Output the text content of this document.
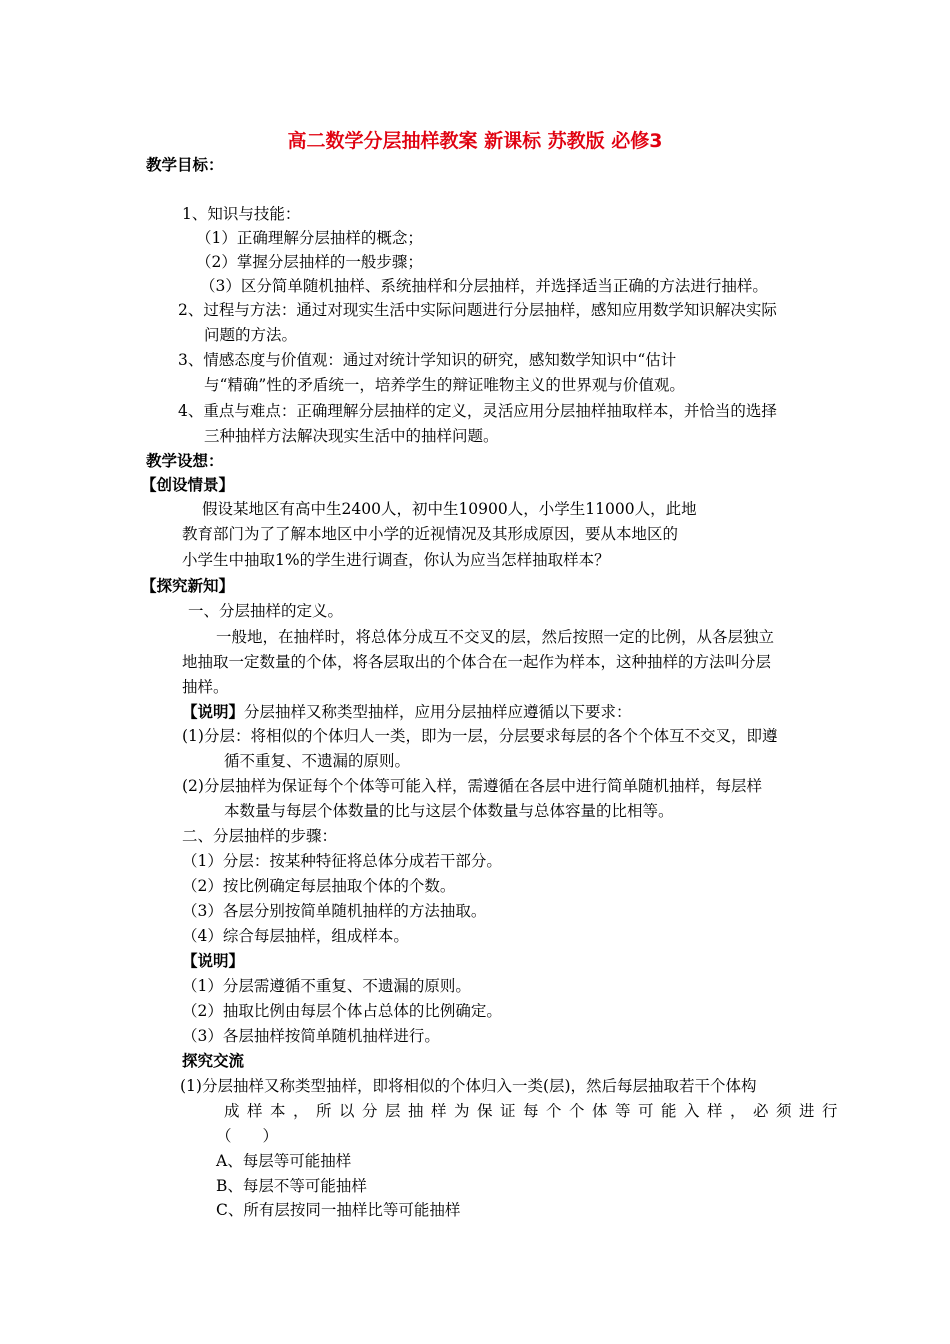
高二数学分层抽样教案 新课标 苏教版 必修3
教学目标：
1、知识与技能：
（1）正确理解分层抽样的概念；
（2）掌握分层抽样的一般步骤；
（3）区分简单随机抽样、系统抽样和分层抽样，并选择适当正确的方法进行抽样。
2、过程与方法：通过对现实生活中实际问题进行分层抽样，感知应用数学知识解决实际
问题的方法。
3、情感态度与价值观：通过对统计学知识的研究，感知数学知识中“估计
与“精确”性的矛盾统一，培养学生的辩证唯物主义的世界观与价值观。
4、重点与难点：正确理解分层抽样的定义，灵活应用分层抽样抽取样本，并恰当的选择
三种抽样方法解决现实生活中的抽样问题。
教学设想：
【创设情景】
假设某地区有高中生2400人，初中生10900人，小学生11000人，此地
教育部门为了了解本地区中小学的近视情况及其形成原因，要从本地区的
小学生中抽取1%的学生进行调查，你认为应当怎样抽取样本？
【探究新知】
一、分层抽样的定义。
一般地，在抽样时，将总体分成互不交叉的层，然后按照一定的比例，从各层独立
地抽取一定数量的个体，将各层取出的个体合在一起作为样本，这种抽样的方法叫分层
抽样。
【说明】分层抽样又称类型抽样，应用分层抽样应遵循以下要求：
(1)分层：将相似的个体归人一类，即为一层，分层要求每层的各个个体互不交叉，即遵
循不重复、不遗漏的原则。
(2)分层抽样为保证每个个体等可能入样，需遵循在各层中进行简单随机抽样，每层样
本数量与每层个体数量的比与这层个体数量与总体容量的比相等。
二、分层抽样的步骤：
（1）分层：按某种特征将总体分成若干部分。
（2）按比例确定每层抽取个体的个数。
（3）各层分别按简单随机抽样的方法抽取。
（4）综合每层抽样，组成样本。
【说明】
（1）分层需遵循不重复、不遗漏的原则。
（2）抽取比例由每层个体占总体的比例确定。
（3）各层抽样按简单随机抽样进行。
探究交流
(1)分层抽样又称类型抽样，即将相似的个体归入一类(层)，然后每层抽取若干个体构
成样本，所以分层抽样为保证每个个体等可能入样，必须进行
（　　）
A、每层等可能抽样
B、每层不等可能抽样
C、所有层按同一抽样比等可能抽样
